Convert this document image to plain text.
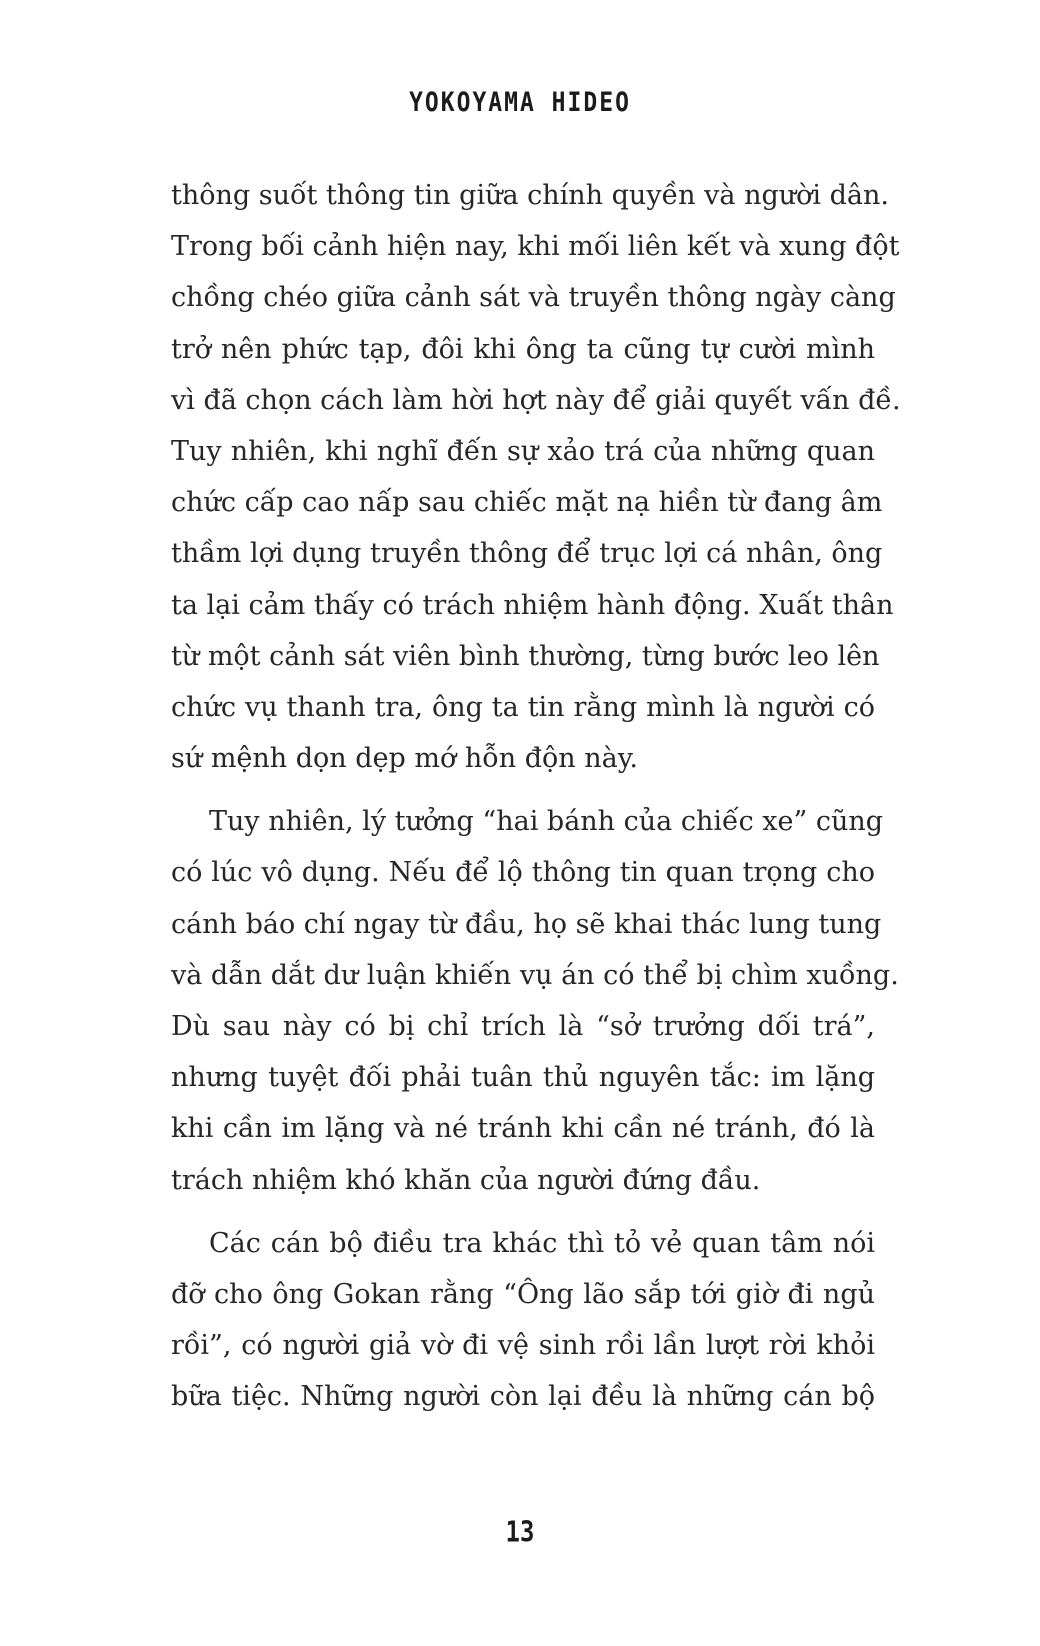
YOKOYAMA HIDEO
thông suốt thông tin giữa chính quyền và người dân.
Trong bối cảnh hiện nay, khi mối liên kết và xung đột
chồng chéo giữa cảnh sát và truyền thông ngày càng
trở nên phức tạp, đôi khi ông ta cũng tự cười mình
vì đã chọn cách làm hời hợt này để giải quyết vấn đề.
Tuy nhiên, khi nghĩ đến sự xảo trá của những quan
chức cấp cao nấp sau chiếc mặt nạ hiền từ đang âm
thầm lợi dụng truyền thông để trục lợi cá nhân, ông
ta lại cảm thấy có trách nhiệm hành động. Xuất thân
từ một cảnh sát viên bình thường, từng bước leo lên
chức vụ thanh tra, ông ta tin rằng mình là người có
sứ mệnh dọn dẹp mớ hỗn độn này.
Tuy nhiên, lý tưởng “hai bánh của chiếc xe” cũng
có lúc vô dụng. Nếu để lộ thông tin quan trọng cho
cánh báo chí ngay từ đầu, họ sẽ khai thác lung tung
và dẫn dắt dư luận khiến vụ án có thể bị chìm xuồng.
Dù sau này có bị chỉ trích là “sở trưởng dối trá”,
nhưng tuyệt đối phải tuân thủ nguyên tắc: im lặng
khi cần im lặng và né tránh khi cần né tránh, đó là
trách nhiệm khó khăn của người đứng đầu.
Các cán bộ điều tra khác thì tỏ vẻ quan tâm nói
đỡ cho ông Gokan rằng “Ông lão sắp tới giờ đi ngủ
rồi”, có người giả vờ đi vệ sinh rồi lần lượt rời khỏi
bữa tiệc. Những người còn lại đều là những cán bộ
13
